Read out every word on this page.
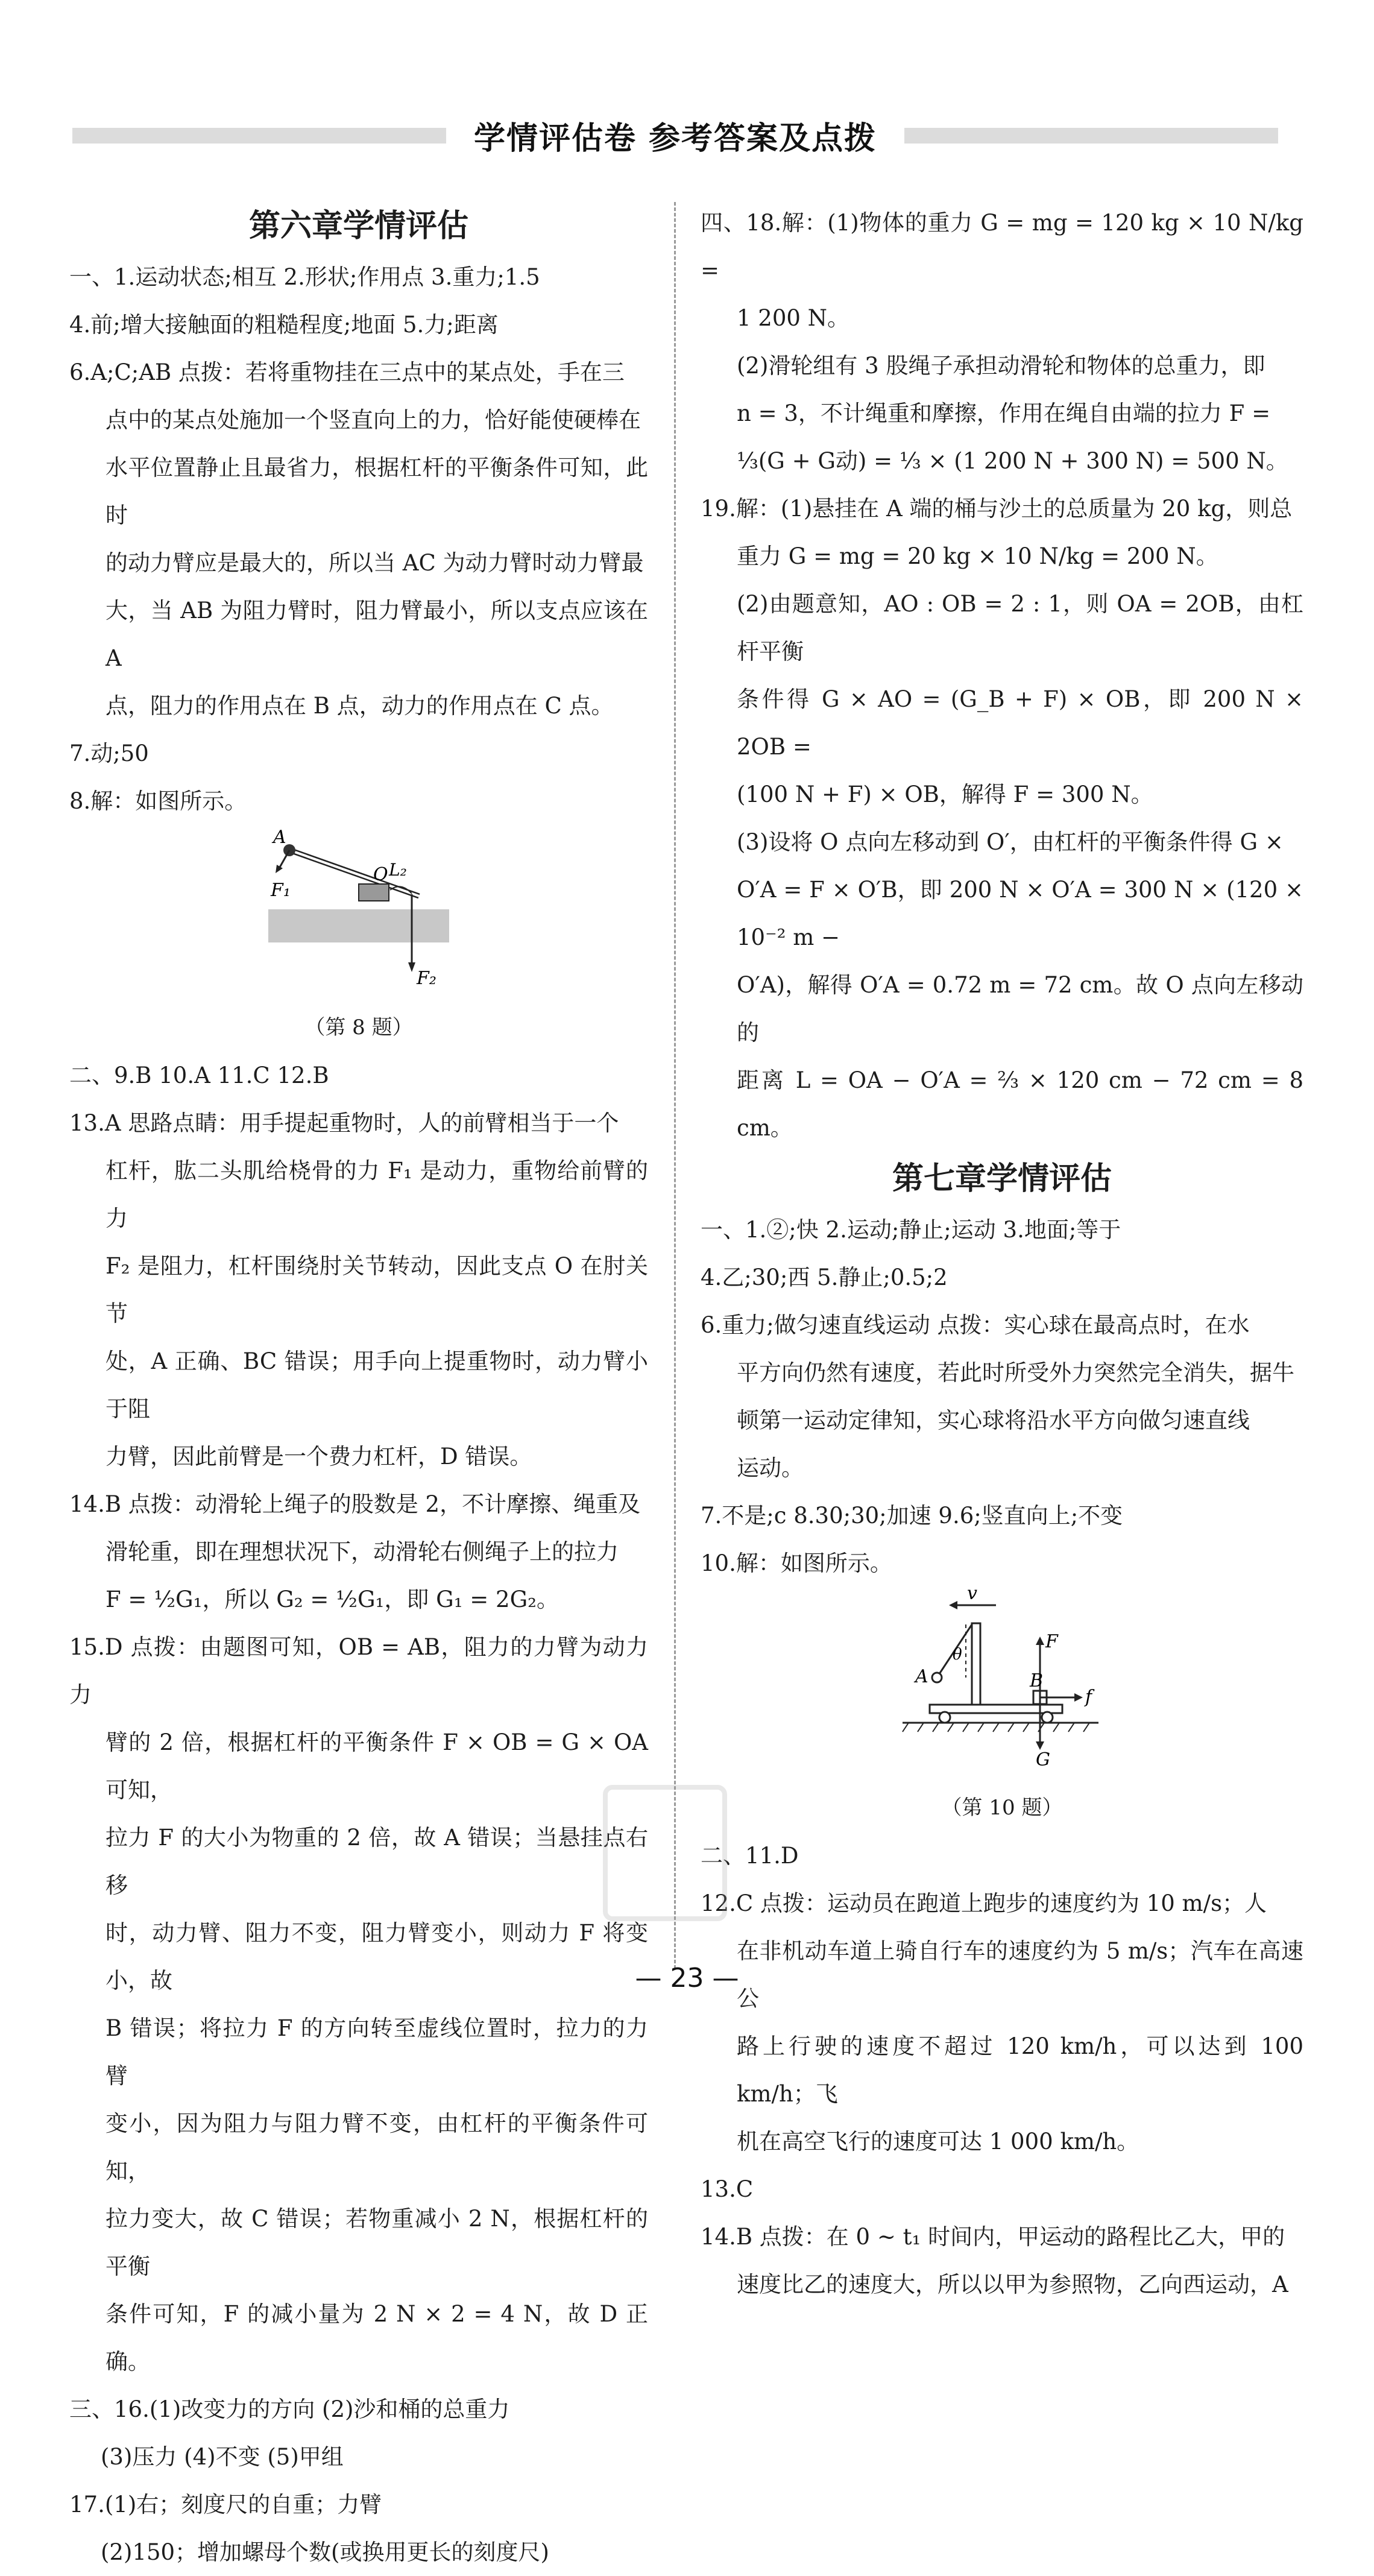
学情评估卷 参考答案及点拨
第六章学情评估

一、1.运动状态;相互 2.形状;作用点 3.重力;1.5

4.前;增大接触面的粗糙程度;地面 5.力;距离

6.A;C;AB 点拨：若将重物挂在三点中的某点处，手在三

点中的某点处施加一个竖直向上的力，恰好能使硬棒在

水平位置静止且最省力，根据杠杆的平衡条件可知，此时

的动力臂应是最大的，所以当 AC 为动力臂时动力臂最

大，当 AB 为阻力臂时，阻力臂最小，所以支点应该在 A

点，阻力的作用点在 B 点，动力的作用点在 C 点。

7.动;50

8.解：如图所示。

A
O L₂
F₁
F₂
（第 8 题）

二、9.B 10.A 11.C 12.B

13.A 思路点睛：用手提起重物时，人的前臂相当于一个

杠杆，肱二头肌给桡骨的力 F₁ 是动力，重物给前臂的力

F₂ 是阻力，杠杆围绕肘关节转动，因此支点 O 在肘关节

处，A 正确、BC 错误；用手向上提重物时，动力臂小于阻

力臂，因此前臂是一个费力杠杆，D 错误。

14.B 点拨：动滑轮上绳子的股数是 2，不计摩擦、绳重及

滑轮重，即在理想状况下，动滑轮右侧绳子上的拉力

F = ½G₁，所以 G₂ = ½G₁，即 G₁ = 2G₂。

15.D 点拨：由题图可知，OB = AB，阻力的力臂为动力力

臂的 2 倍，根据杠杆的平衡条件 F × OB = G × OA 可知，

拉力 F 的大小为物重的 2 倍，故 A 错误；当悬挂点右移

时，动力臂、阻力不变，阻力臂变小，则动力 F 将变小，故

B 错误；将拉力 F 的方向转至虚线位置时，拉力的力臂

变小，因为阻力与阻力臂不变，由杠杆的平衡条件可知，

拉力变大，故 C 错误；若物重减小 2 N，根据杠杆的平衡

条件可知，F 的减小量为 2 N × 2 = 4 N，故 D 正确。

三、16.(1)改变力的方向 (2)沙和桶的总重力

(3)压力 (4)不变 (5)甲组

17.(1)右；刻度尺的自重；力臂

(2)150；增加螺母个数(或换用更长的刻度尺)

四、18.解：(1)物体的重力 G = mg = 120 kg × 10 N/kg =

1 200 N。

(2)滑轮组有 3 股绳子承担动滑轮和物体的总重力，即

n = 3，不计绳重和摩擦，作用在绳自由端的拉力 F =

⅓(G + G动) = ⅓ × (1 200 N + 300 N) = 500 N。

19.解：(1)悬挂在 A 端的桶与沙土的总质量为 20 kg，则总

重力 G = mg = 20 kg × 10 N/kg = 200 N。

(2)由题意知，AO : OB = 2 : 1，则 OA = 2OB，由杠杆平衡

条件得 G × AO = (G_B + F) × OB，即 200 N × 2OB =

(100 N + F) × OB，解得 F = 300 N。

(3)设将 O 点向左移动到 O′，由杠杆的平衡条件得 G ×

O′A = F × O′B，即 200 N × O′A = 300 N × (120 × 10⁻² m −

O′A)，解得 O′A = 0.72 m = 72 cm。故 O 点向左移动的

距离 L = OA − O′A = ⅔ × 120 cm − 72 cm = 8 cm。

第七章学情评估

一、1.②;快 2.运动;静止;运动 3.地面;等于

4.乙;30;西 5.静止;0.5;2

6.重力;做匀速直线运动 点拨：实心球在最高点时，在水

平方向仍然有速度，若此时所受外力突然完全消失，据牛

顿第一运动定律知，实心球将沿水平方向做匀速直线

运动。

7.不是;c 8.30;30;加速 9.6;竖直向上;不变

10.解：如图所示。

v
F
B
f
A
θ
G
（第 10 题）

二、11.D

12.C 点拨：运动员在跑道上跑步的速度约为 10 m/s；人

在非机动车道上骑自行车的速度约为 5 m/s；汽车在高速公

路上行驶的速度不超过 120 km/h，可以达到 100 km/h；飞

机在高空飞行的速度可达 1 000 km/h。

13.C

14.B 点拨：在 0 ~ t₁ 时间内，甲运动的路程比乙大，甲的

速度比乙的速度大，所以以甲为参照物，乙向西运动，A

— 23 —
